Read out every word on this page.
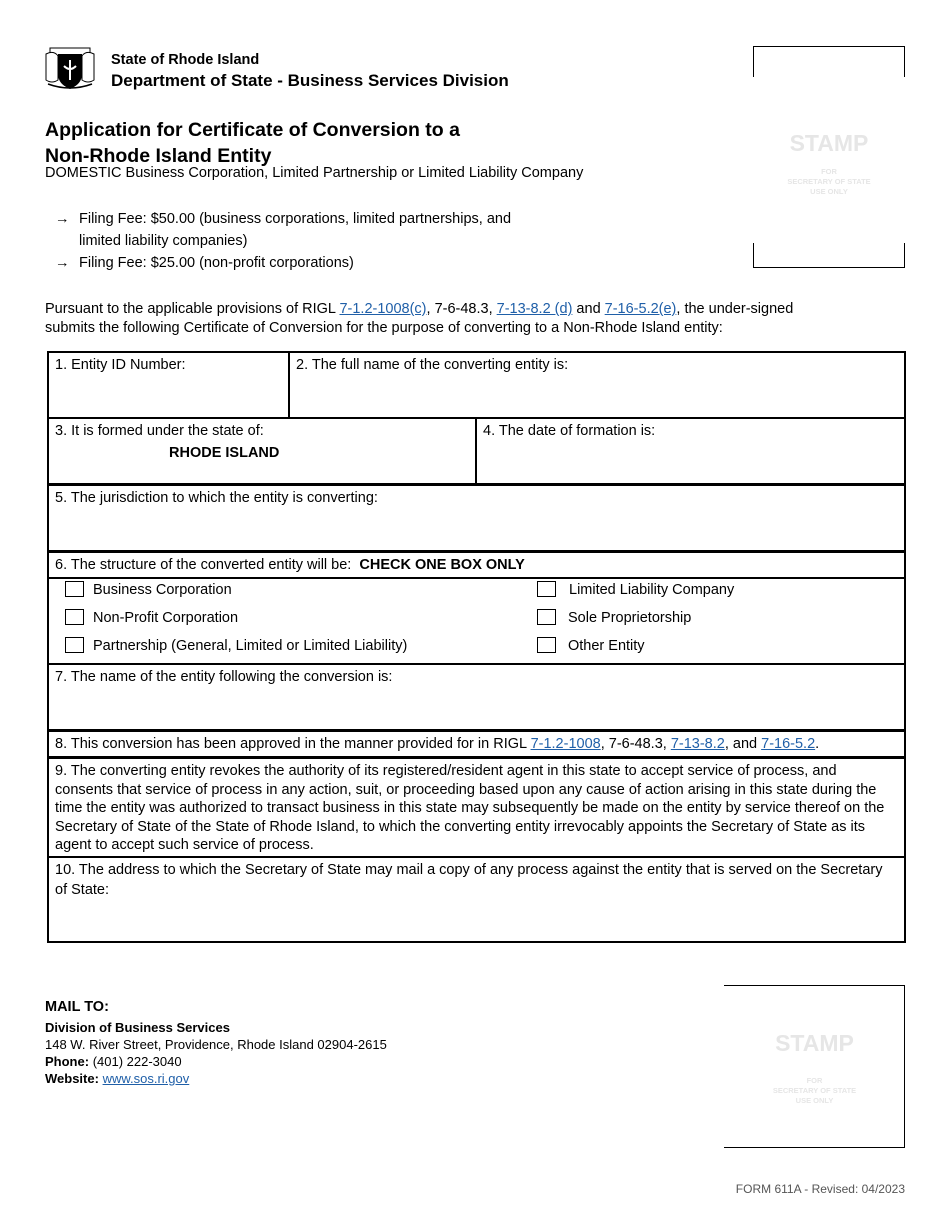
State of Rhode Island
Department of State - Business Services Division
Application for Certificate of Conversion to a
Non-Rhode Island Entity
DOMESTIC Business Corporation, Limited Partnership or Limited Liability Company
→ Filing Fee: $50.00 (business corporations, limited partnerships, and
limited liability companies)
→ Filing Fee: $25.00 (non-profit corporations)
STAMP
FOR
SECRETARY OF STATE
USE ONLY
Pursuant to the applicable provisions of RIGL 7-1.2-1008(c), 7-6-48.3, 7-13-8.2 (d) and 7-16-5.2(e), the under-signed submits the following Certificate of Conversion for the purpose of converting to a Non-Rhode Island entity:
1. Entity ID Number:	2. The full name of the converting entity is:
3. It is formed under the state of:
RHODE ISLAND
4. The date of formation is:
5. The jurisdiction to which the entity is converting:
6. The structure of the converted entity will be: CHECK ONE BOX ONLY
Business Corporation
Non-Profit Corporation
Partnership (General, Limited or Limited Liability)
Limited Liability Company
Sole Proprietorship
Other Entity
7. The name of the entity following the conversion is:
8. This conversion has been approved in the manner provided for in RIGL 7-1.2-1008, 7-6-48.3, 7-13-8.2, and 7-16-5.2.
9. The converting entity revokes the authority of its registered/resident agent in this state to accept service of process, and consents that service of process in any action, suit, or proceeding based upon any cause of action arising in this state during the time the entity was authorized to transact business in this state may subsequently be made on the entity by service thereof on the Secretary of State of the State of Rhode Island, to which the converting entity irrevocably appoints the Secretary of State as its agent to accept such service of process.
10. The address to which the Secretary of State may mail a copy of any process against the entity that is served on the Secretary of State:
MAIL TO:
Division of Business Services
148 W. River Street, Providence, Rhode Island 02904-2615
Phone: (401) 222-3040
Website: www.sos.ri.gov
STAMP
FOR
SECRETARY OF STATE
USE ONLY
FORM 611A - Revised: 04/2023
